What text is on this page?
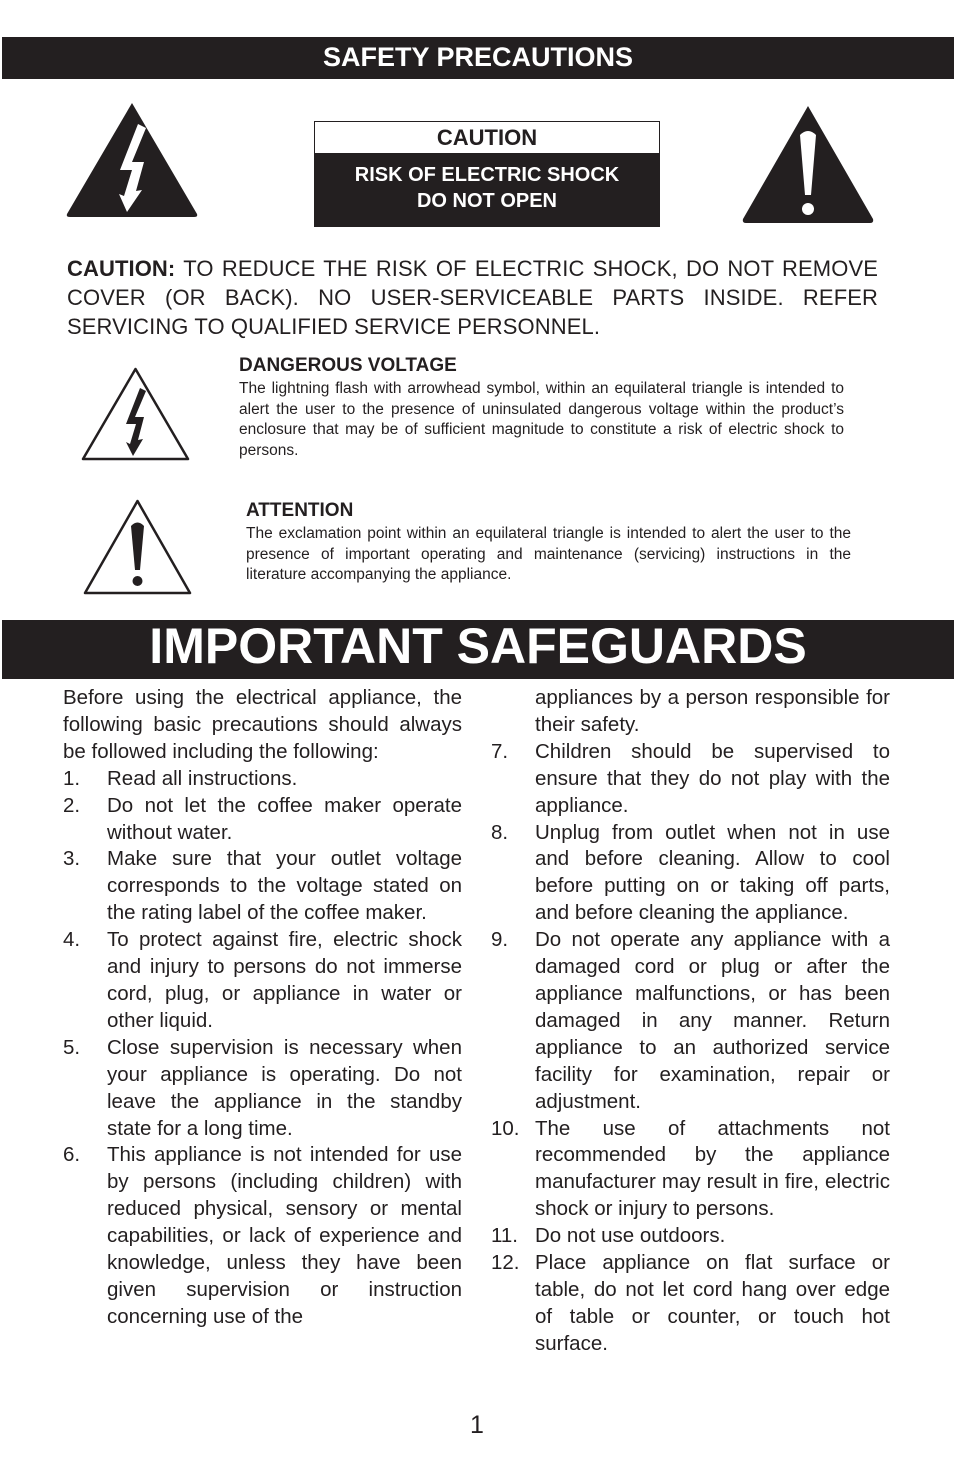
SAFETY PRECAUTIONS
CAUTION
RISK OF ELECTRIC SHOCK
DO NOT OPEN
CAUTION: TO REDUCE THE RISK OF ELECTRIC SHOCK, DO NOT REMOVE COVER (OR BACK). NO USER-SERVICEABLE PARTS INSIDE. REFER SERVICING TO QUALIFIED SERVICE PERSONNEL.
DANGEROUS VOLTAGE
The lightning flash with arrowhead symbol, within an equilateral triangle is intended to alert the user to the presence of uninsulated dangerous voltage within the product’s enclosure that may be of sufficient magnitude to constitute a risk of electric shock to persons.
ATTENTION
The exclamation point within an equilateral triangle is intended to alert the user to the presence of important operating and maintenance (servicing) instructions in the literature accompanying the appliance.
IMPORTANT SAFEGUARDS
Before using the electrical appliance, the following basic precautions should always be followed including the following:
1. Read all instructions.
2. Do not let the coffee maker operate without water.
3. Make sure that your outlet voltage corresponds to the voltage stated on the rating label of the coffee maker.
4. To protect against fire, electric shock and injury to persons do not immerse cord, plug, or appliance in water or other liquid.
5. Close supervision is necessary when your appliance is operating. Do not leave the appliance in the standby state for a long time.
6. This appliance is not intended for use by persons (including children) with reduced physical, sensory or mental capabilities, or lack of experience and knowledge, unless they have been given supervision or instruction concerning use of the
appliances by a person responsible for their safety.
7. Children should be supervised to ensure that they do not play with the appliance.
8. Unplug from outlet when not in use and before cleaning. Allow to cool before putting on or taking off parts, and before cleaning the appliance.
9. Do not operate any appliance with a damaged cord or plug or after the appliance malfunctions, or has been damaged in any manner. Return appliance to an authorized service facility for examination, repair or adjustment.
10. The use of attachments not recommended by the appliance manufacturer may result in fire, electric shock or injury to persons.
11. Do not use outdoors.
12. Place appliance on flat surface or table, do not let cord hang over edge of table or counter, or touch hot surface.
1
